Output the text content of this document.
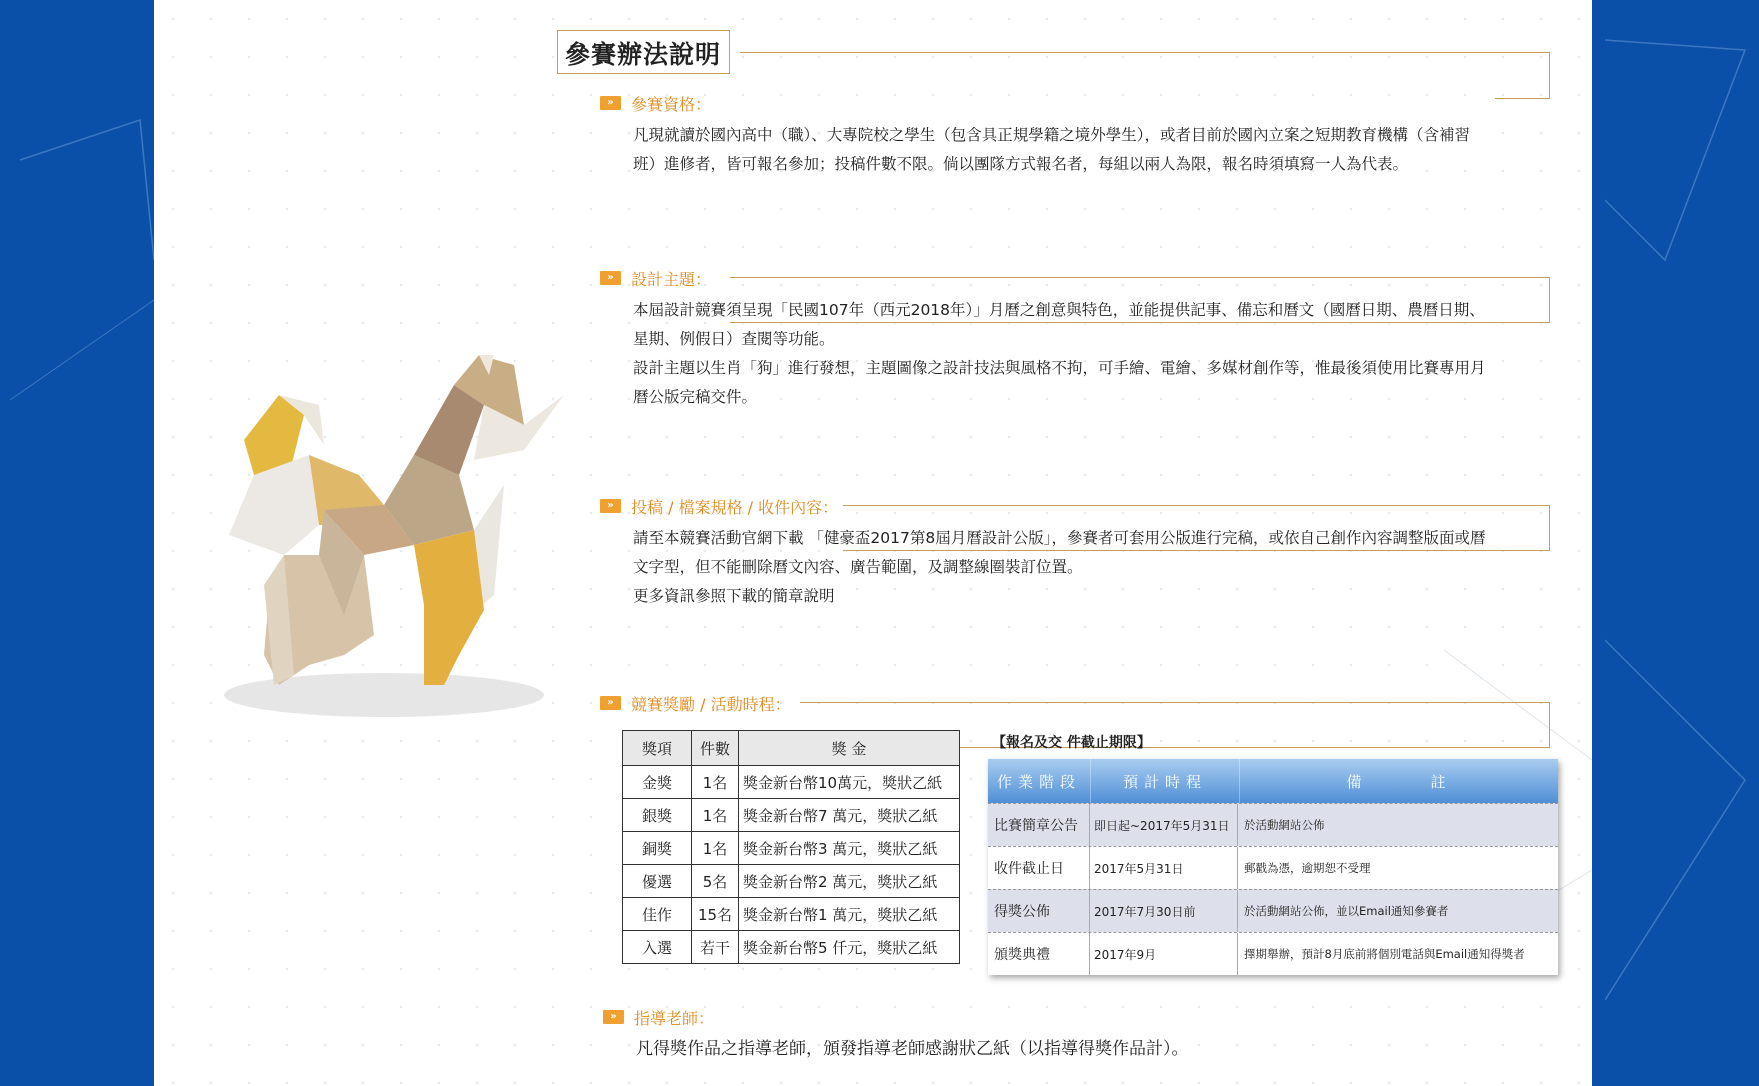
參賽辦法說明
»	參賽資格：

凡現就讀於國內高中（職）、大專院校之學生（包含具正規學籍之境外學生），或者目前於國內立案之短期教育機構（含補習班）進修者，皆可報名參加；投稿件數不限。倘以團隊方式報名者，每組以兩人為限，報名時須填寫一人為代表。

»	設計主題：

本屆設計競賽須呈現「民國107年（西元2018年）」月曆之創意與特色，並能提供記事、備忘和曆文（國曆日期、農曆日期、星期、例假日）查閱等功能。

設計主題以生肖「狗」進行發想，主題圖像之設計技法與風格不拘，可手繪、電繪、多媒材創作等，惟最後須使用比賽專用月曆公版完稿交件。

»	投稿 / 檔案規格 / 收件內容：

請至本競賽活動官網下載 「健豪盃2017第8屆月曆設計公版」，參賽者可套用公版進行完稿，或依自己創作內容調整版面或曆文字型，但不能刪除曆文內容、廣告範圍，及調整線圈裝訂位置。

更多資訊參照下載的簡章說明

»	競賽獎勵 / 活動時程：
獎項	件數	獎 金
金獎	1名	獎金新台幣10萬元，獎狀乙紙
銀獎	1名	獎金新台幣7 萬元，獎狀乙紙
銅獎	1名	獎金新台幣3 萬元，獎狀乙紙
優選	5名	獎金新台幣2 萬元，獎狀乙紙
佳作	15名	獎金新台幣1 萬元，獎狀乙紙
入選	若干	獎金新台幣5 仟元，獎狀乙紙
【報名及交 件截止期限】
作業階段	預計時程	備　　　註
比賽簡章公告	即日起~2017年5月31日	於活動網站公佈
收件截止日	2017年5月31日	郵戳為憑，逾期恕不受理
得獎公佈	2017年7月30日前	於活動網站公佈，並以Email通知參賽者
頒獎典禮	2017年9月	擇期舉辦，預計8月底前將個別電話與Email通知得獎者
»	指導老師：

凡得獎作品之指導老師，頒發指導老師感謝狀乙紙（以指導得獎作品計）。
